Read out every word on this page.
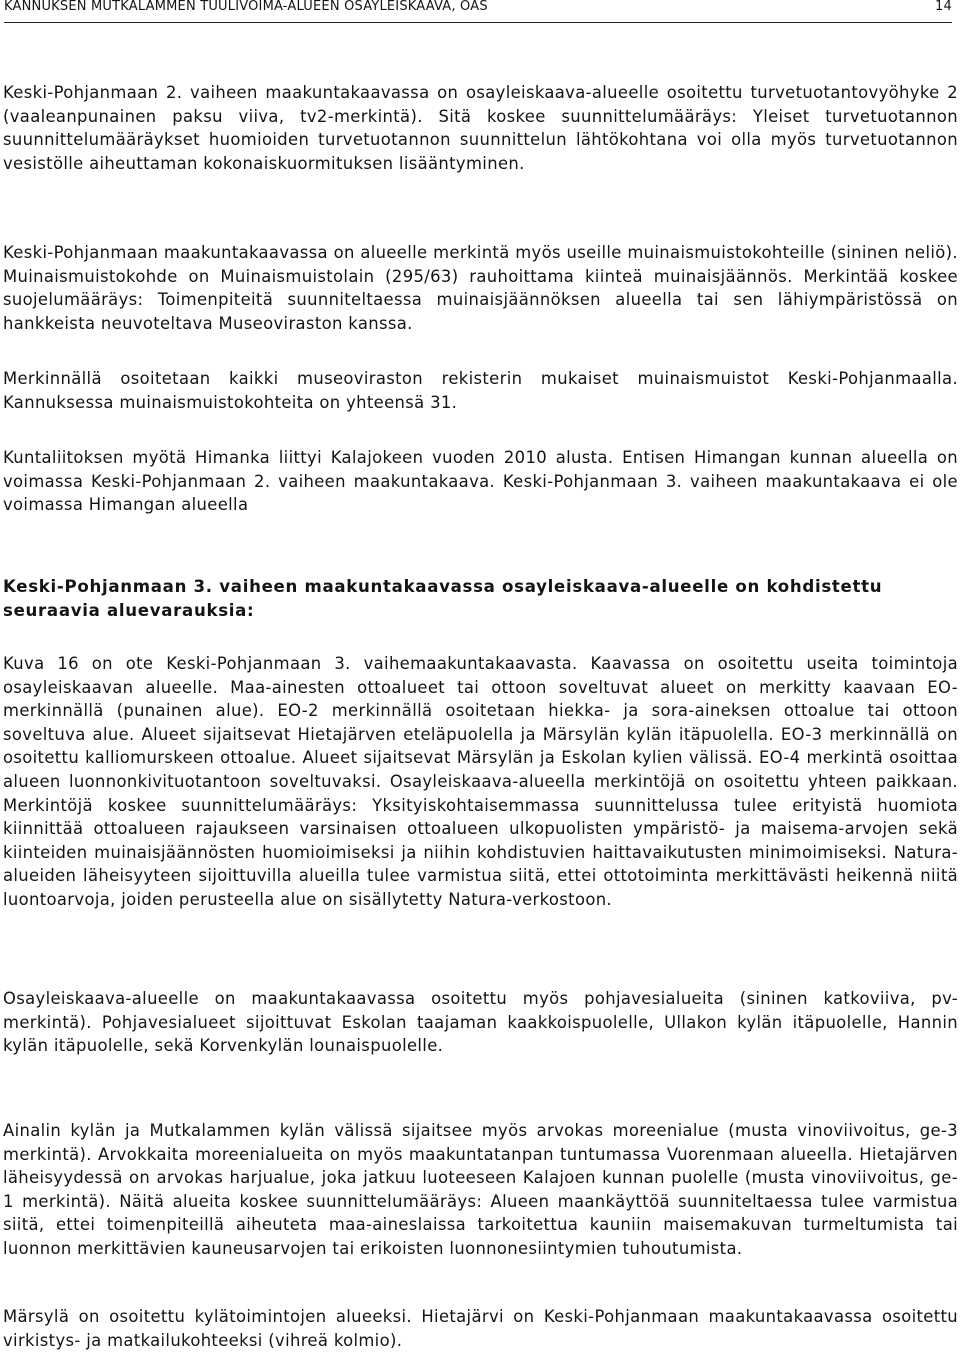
KANNUKSEN MUTKALAMMEN TUULIVOIMA-ALUEEN OSAYLEISKAAVA, OAS	14

Keski-Pohjanmaan 2. vaiheen maakuntakaavassa on osayleiskaava-alueelle osoitettu turvetuotantovyöhyke 2 (vaaleanpunainen paksu viiva, tv2-merkintä). Sitä koskee suunnittelumääräys: Yleiset turvetuotannon suunnittelumääräykset huomioiden turvetuotannon suunnittelun lähtökohtana voi olla myös turvetuotannon vesistölle aiheuttaman kokonaiskuormituksen lisääntyminen.

Keski-Pohjanmaan maakuntakaavassa on alueelle merkintä myös useille muinaismuistokohteille (sininen neliö). Muinaismuistokohde on Muinaismuistolain (295/63) rauhoittama kiinteä muinaisjäännös. Merkintää koskee suojelumääräys: Toimenpiteitä suunniteltaessa muinaisjäännöksen alueella tai sen lähiympäristössä on hankkeista neuvoteltava Museoviraston kanssa.

Merkinnällä osoitetaan kaikki museoviraston rekisterin mukaiset muinaismuistot Keski-Pohjanmaalla. Kannuksessa muinaismuistokohteita on yhteensä 31.

Kuntaliitoksen myötä Himanka liittyi Kalajokeen vuoden 2010 alusta. Entisen Himangan kunnan alueella on voimassa Keski-Pohjanmaan 2. vaiheen maakuntakaava. Keski-Pohjanmaan 3. vaiheen maakuntakaava ei ole voimassa Himangan alueella

Keski-Pohjanmaan 3. vaiheen maakuntakaavassa osayleiskaava-alueelle on kohdistettu seuraavia aluevarauksia:

Kuva 16 on ote Keski-Pohjanmaan 3. vaihemaakuntakaavasta. Kaavassa on osoitettu useita toimintoja osayleiskaavan alueelle. Maa-ainesten ottoalueet tai ottoon soveltuvat alueet on merkitty kaavaan EO-merkinnällä (punainen alue). EO-2 merkinnällä osoitetaan hiekka- ja sora-aineksen ottoalue tai ottoon soveltuva alue. Alueet sijaitsevat Hietajärven eteläpuolella ja Märsylän kylän itäpuolella. EO-3 merkinnällä on osoitettu kalliomurskeen ottoalue. Alueet sijaitsevat Märsylän ja Eskolan kylien välissä. EO-4 merkintä osoittaa alueen luonnonkivituotantoon soveltuvaksi. Osayleiskaava-alueella merkintöjä on osoitettu yhteen paikkaan. Merkintöjä koskee suunnittelumääräys: Yksityiskohtaisemmassa suunnittelussa tulee erityistä huomiota kiinnittää ottoalueen rajaukseen varsinaisen ottoalueen ulkopuolisten ympäristö- ja maisema-arvojen sekä kiinteiden muinaisjäännösten huomioimiseksi ja niihin kohdistuvien haittavaikutusten minimoimiseksi. Natura-alueiden läheisyyteen sijoittuvilla alueilla tulee varmistua siitä, ettei ottotoiminta merkittävästi heikennä niitä luontoarvoja, joiden perusteella alue on sisällytetty Natura-verkostoon.

Osayleiskaava-alueelle on maakuntakaavassa osoitettu myös pohjavesialueita (sininen katkoviiva, pv-merkintä). Pohjavesialueet sijoittuvat Eskolan taajaman kaakkoispuolelle, Ullakon kylän itäpuolelle, Hannin kylän itäpuolelle, sekä Korvenkylän lounaispuolelle.

Ainalin kylän ja Mutkalammen kylän välissä sijaitsee myös arvokas moreenialue (musta vinoviivoitus, ge-3 merkintä). Arvokkaita moreenialueita on myös maakuntatanpan tuntumassa Vuorenmaan alueella. Hietajärven läheisyydessä on arvokas harjualue, joka jatkuu luoteeseen Kalajoen kunnan puolelle (musta vinoviivoitus, ge-1 merkintä). Näitä alueita koskee suunnittelumääräys: Alueen maankäyttöä suunniteltaessa tulee varmistua siitä, ettei toimenpiteillä aiheuteta maa-aineslaissa tarkoitettua kauniin maisemakuvan turmeltumista tai luonnon merkittävien kauneusarvojen tai erikoisten luonnonesiintymien tuhoutumista.

Märsylä on osoitettu kylätoimintojen alueeksi. Hietajärvi on Keski-Pohjanmaan maakuntakaavassa osoitettu virkistys- ja matkailukohteeksi (vihreä kolmio).
